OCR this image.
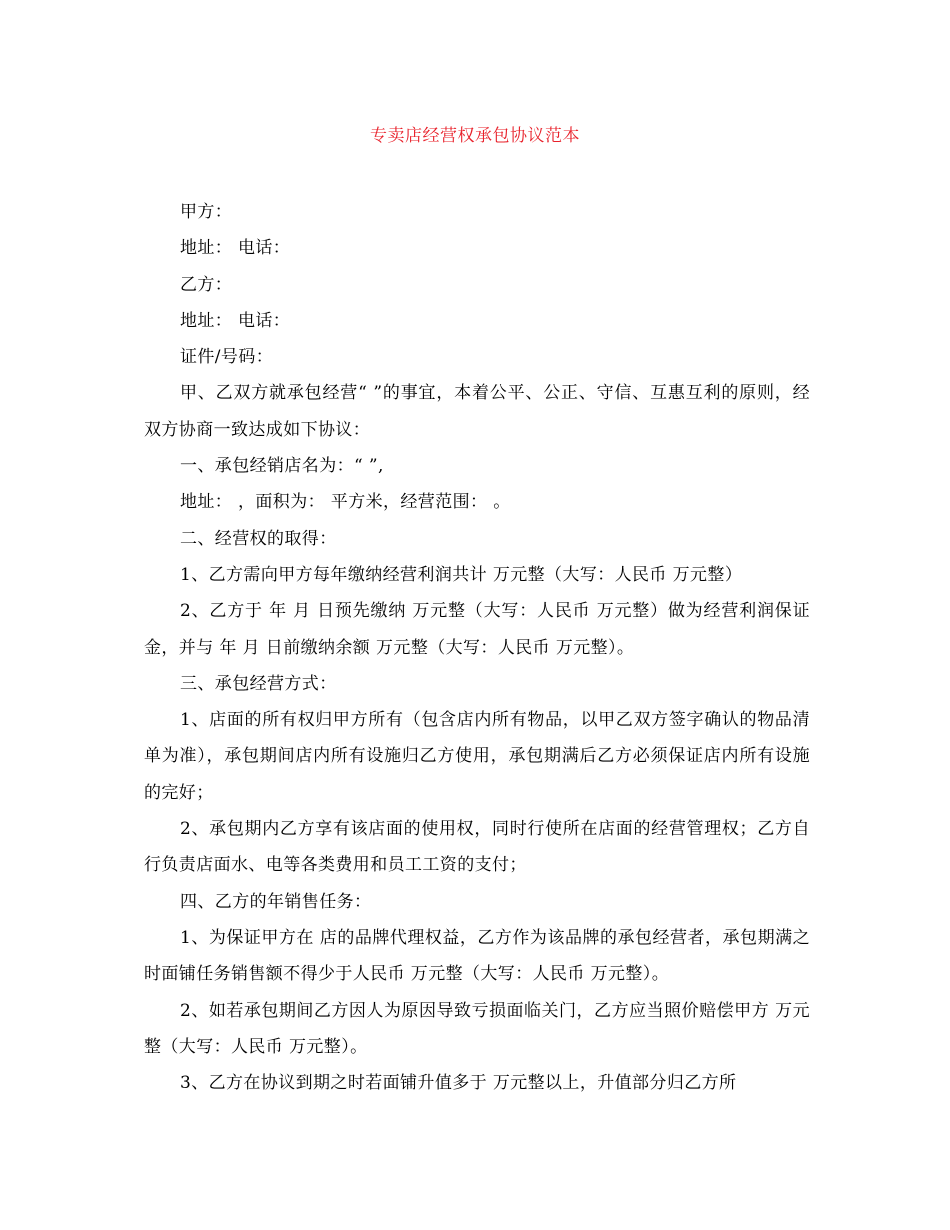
专卖店经营权承包协议范本

甲方：

地址： 电话：

乙方：

地址： 电话：

证件/号码：

甲、乙双方就承包经营“ ”的事宜，本着公平、公正、守信、互惠互利的原则，经双方协商一致达成如下协议：

一、承包经销店名为：“ ”,

地址： ，面积为： 平方米，经营范围： 。

二、经营权的取得：

1、乙方需向甲方每年缴纳经营利润共计 万元整（大写：人民币 万元整）

2、乙方于 年 月 日预先缴纳 万元整（大写：人民币 万元整）做为经营利润保证金，并与 年 月 日前缴纳余额 万元整（大写：人民币 万元整）。

三、承包经营方式：

1、店面的所有权归甲方所有（包含店内所有物品，以甲乙双方签字确认的物品清单为准），承包期间店内所有设施归乙方使用，承包期满后乙方必须保证店内所有设施的完好；

2、承包期内乙方享有该店面的使用权，同时行使所在店面的经营管理权；乙方自行负责店面水、电等各类费用和员工工资的支付；

四、乙方的年销售任务：

1、为保证甲方在 店的品牌代理权益，乙方作为该品牌的承包经营者，承包期满之时面铺任务销售额不得少于人民币 万元整（大写：人民币 万元整）。

2、如若承包期间乙方因人为原因导致亏损面临关门，乙方应当照价赔偿甲方 万元整（大写：人民币 万元整）。

3、乙方在协议到期之时若面铺升值多于 万元整以上，升值部分归乙方所
